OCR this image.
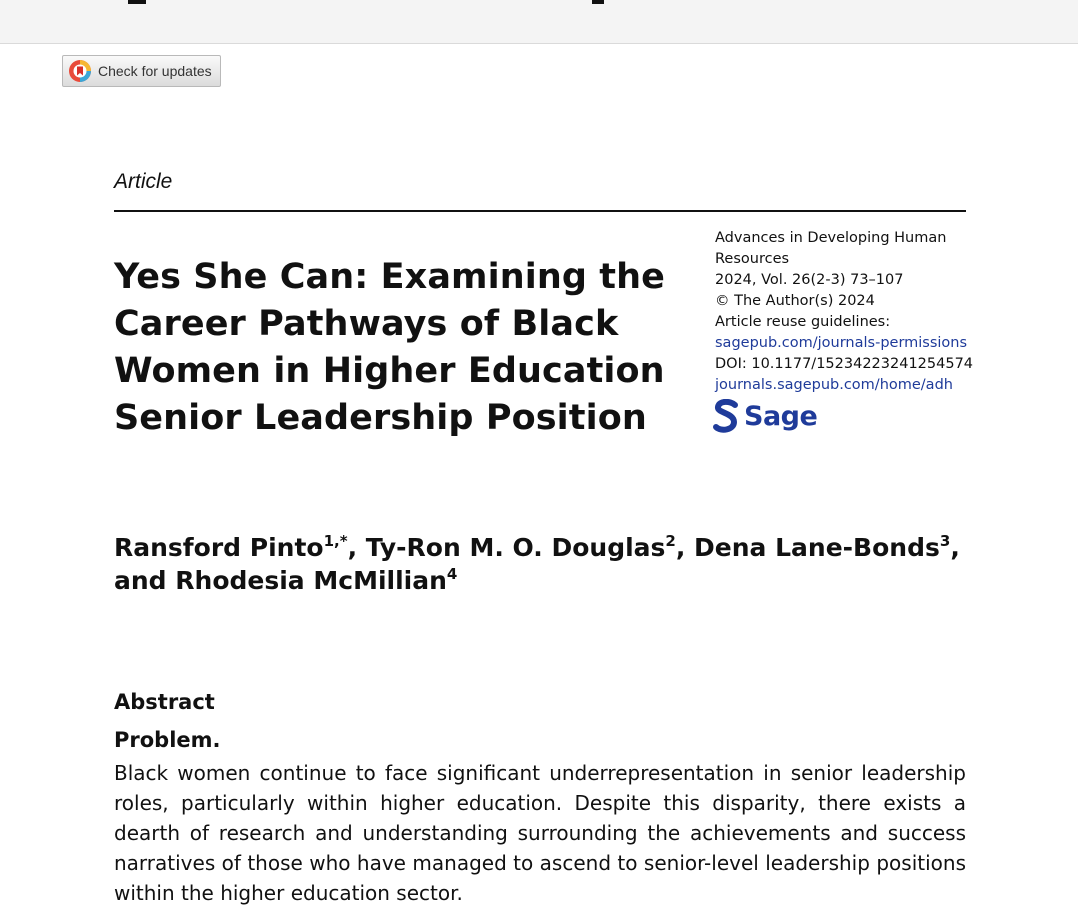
Check for updates
Article
Yes She Can: Examining the Career Pathways of Black Women in Higher Education Senior Leadership Position
Advances in Developing Human Resources
2024, Vol. 26(2-3) 73–107
© The Author(s) 2024
Article reuse guidelines:
sagepub.com/journals-permissions
DOI: 10.1177/15234223241254574
journals.sagepub.com/home/adh
Sage

Ransford Pinto$^{1,*}$, Ty-Ron M. O. Douglas$^2$, Dena Lane-Bonds$^3$,
and Rhodesia McMillian$^4$

Abstract
Problem.

Black women continue to face significant underrepresentation in senior leadership roles, particularly within higher education. Despite this disparity, there exists a dearth of research and understanding surrounding the achievements and success narratives of those who have managed to ascend to senior-level leadership positions within the higher education sector.
